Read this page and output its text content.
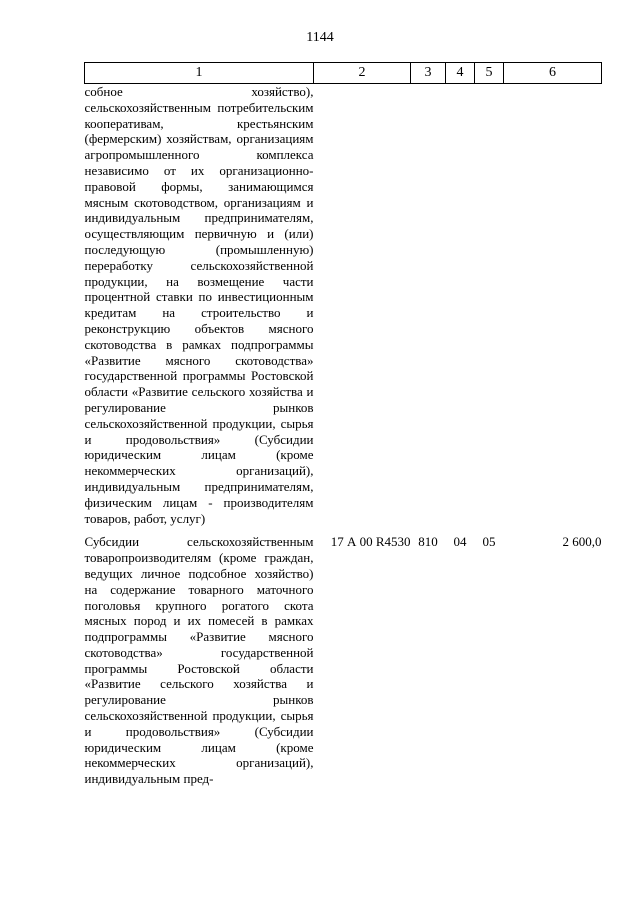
1144
1	2	3	4	5	6
собное хозяйство), сельскохозяйственным потребительским кооперативам, крестьянским (фермерским) хозяйствам, организациям агропромышленного комплекса независимо от их организационно-правовой формы, занимающимся мясным скотоводством, организациям и индивидуальным предпринимателям, осуществляющим первичную и (или) последующую (промышленную) переработку сельскохозяйственной продукции, на возмещение части процентной ставки по инвестиционным кредитам на строительство и реконструкцию объектов мясного скотоводства в рамках подпрограммы «Развитие мясного скотоводства» государственной программы Ростовской области «Развитие сельского хозяйства и регулирование рынков сельскохозяйственной продукции, сырья и продовольствия» (Субсидии юридическим лицам (кроме некоммерческих организаций), индивидуальным предпринимателям, физическим лицам - производителям товаров, работ, услуг)					
Субсидии сельскохозяйственным товаропроизводителям (кроме граждан, ведущих личное подсобное хозяйство) на содержание товарного маточного поголовья крупного рогатого скота мясных пород и их помесей в рамках подпрограммы «Развитие мясного скотоводства» государственной программы Ростовской области «Развитие сельского хозяйства и регулирование рынков сельскохозяйственной продукции, сырья и продовольствия» (Субсидии юридическим лицам (кроме некоммерческих организаций), индивидуальным пред-	17 А 00 R4530	810	04	05	2 600,0
